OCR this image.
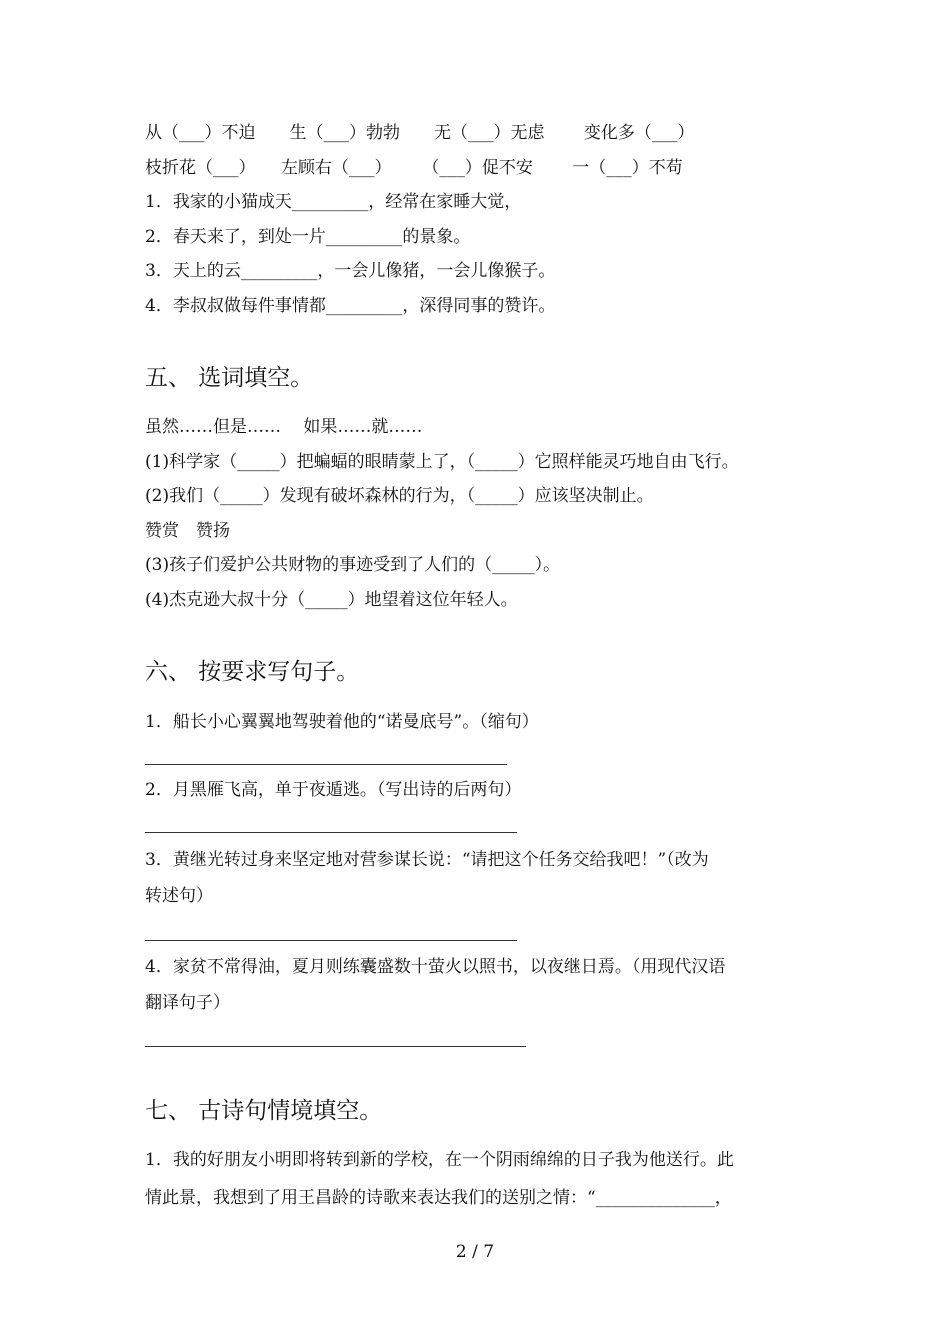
从（___）不迫　　生（___）勃勃　　无（___）无虑　　 变化多（___）
枝折花（___）　　左顾右（___）　　 （___）促不安　　 一（___）不苟
1．我家的小猫成天_________，经常在家睡大觉，
2．春天来了，到处一片_________的景象。
3．天上的云_________，一会儿像猪，一会儿像猴子。
4．李叔叔做每件事情都_________，深得同事的赞许。
五、 选词填空。
虽然……但是……　 如果……就……
(1)科学家（_____）把蝙蝠的眼睛蒙上了，（_____）它照样能灵巧地自由飞行。
(2)我们（_____）发现有破坏森林的行为，（_____）应该坚决制止。
赞赏　赞扬
(3)孩子们爱护公共财物的事迹受到了人们的（_____）。
(4)杰克逊大叔十分（_____）地望着这位年轻人。
六、 按要求写句子。
1．船长小心翼翼地驾驶着他的“诺曼底号”。（缩句）
2．月黑雁飞高，单于夜遁逃。（写出诗的后两句）
3．黄继光转过身来坚定地对营参谋长说：“请把这个任务交给我吧！”（改为
转述句）
4．家贫不常得油，夏月则练囊盛数十萤火以照书，以夜继日焉。（用现代汉语
翻译句子）
七、 古诗句情境填空。
1．我的好朋友小明即将转到新的学校，在一个阴雨绵绵的日子我为他送行。此
情此景，我想到了用王昌龄的诗歌来表达我们的送别之情：“______________，
2 / 7
